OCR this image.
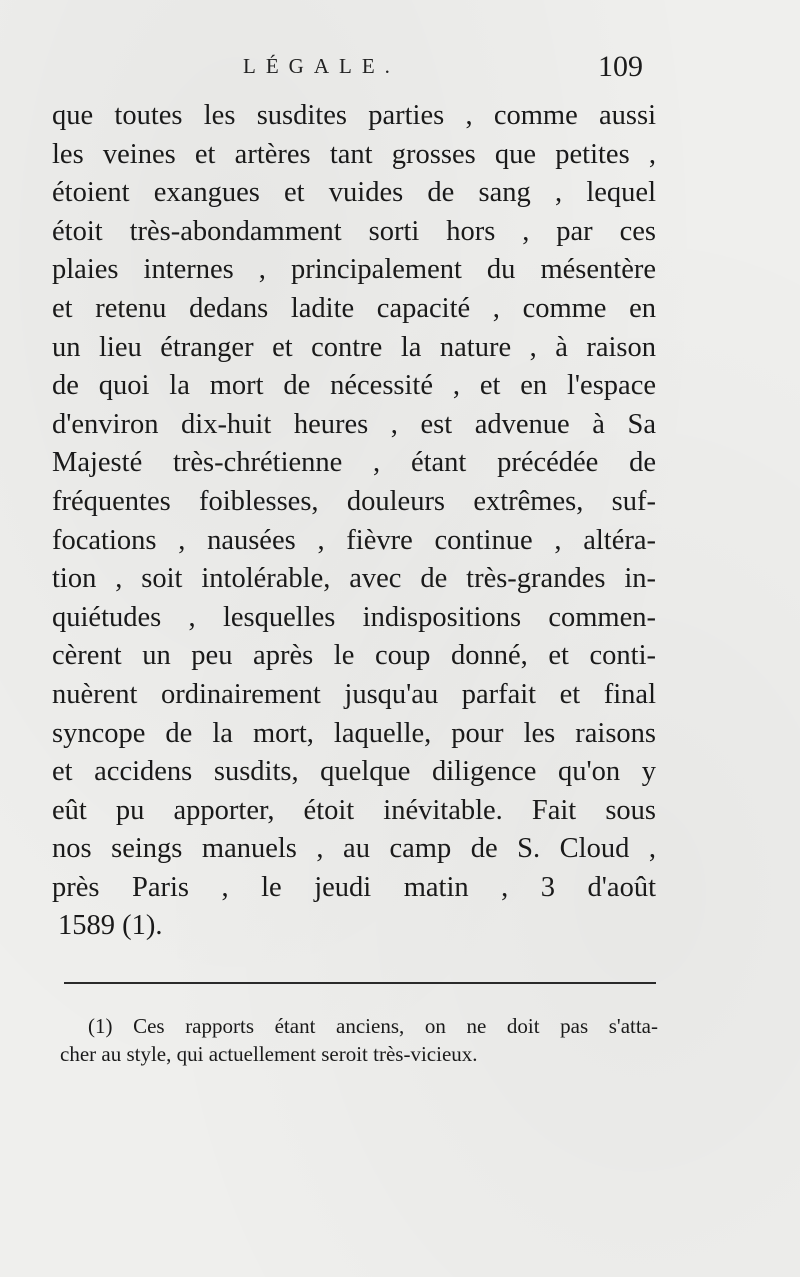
LÉGALE.	109
que toutes les susdites parties , comme aussi
les veines et artères tant grosses que petites ,
étoient exangues et vuides de sang , lequel
étoit très-abondamment sorti hors , par ces
plaies internes , principalement du mésentère
et retenu dedans ladite capacité , comme en
un lieu étranger et contre la nature , à raison
de quoi la mort de nécessité , et en l'espace
d'environ dix-huit heures , est advenue à Sa
Majesté très-chrétienne , étant précédée de
fréquentes foiblesses, douleurs extrêmes, suf-
focations , nausées , fièvre continue , altéra-
tion , soit intolérable, avec de très-grandes in-
quiétudes , lesquelles indispositions commen-
cèrent un peu après le coup donné, et conti-
nuèrent ordinairement jusqu'au parfait et final
syncope de la mort, laquelle, pour les raisons
et accidens susdits, quelque diligence qu'on y
eût pu apporter, étoit inévitable. Fait sous
nos seings manuels , au camp de S. Cloud ,
près Paris , le jeudi matin , 3 d'août
1589 (1).
(1) Ces rapports étant anciens, on ne doit pas s'atta-
cher au style, qui actuellement seroit très-vicieux.
